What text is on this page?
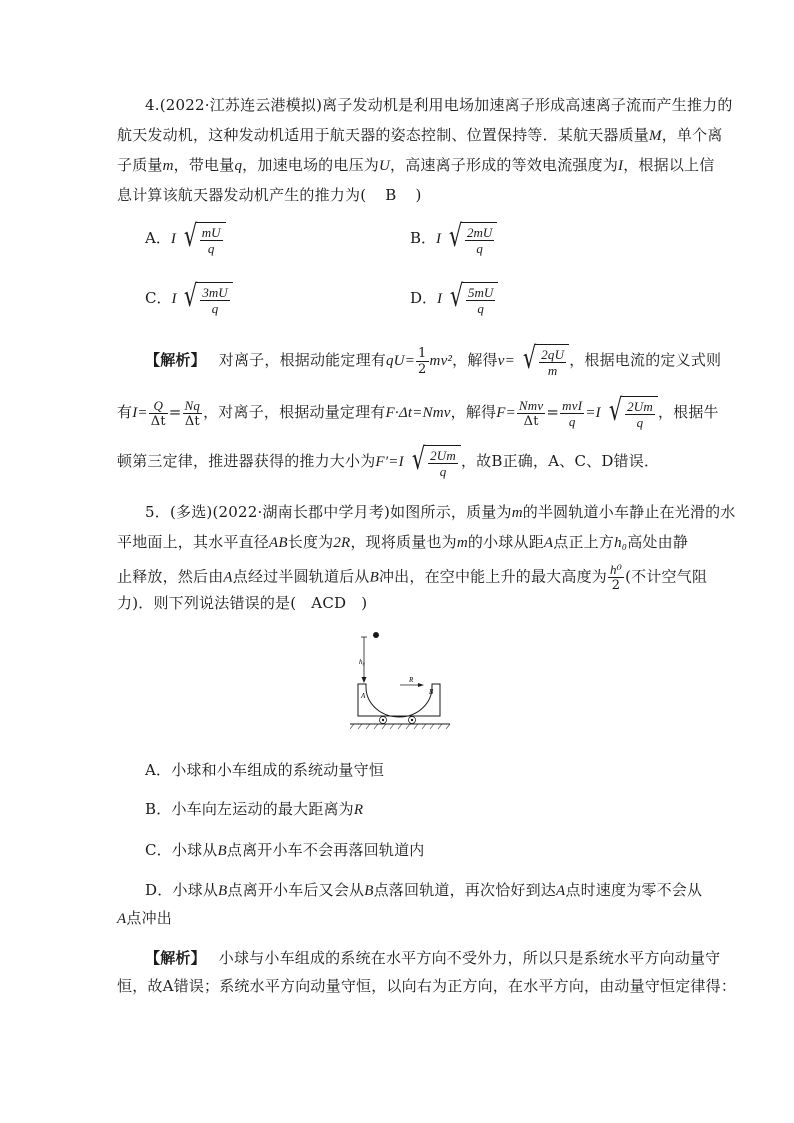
4.(2022·江苏连云港模拟)离子发动机是利用电场加速离子形成高速离子流而产生推力的
航天发动机，这种发动机适用于航天器的姿态控制、位置保持等．某航天器质量M，单个离
子质量m，带电量q，加速电场的电压为U，高速离子形成的等效电流强度为I，根据以上信
息计算该航天器发动机产生的推力为( B )
A．I √ $\frac{mU}{q}$	B．I √ $\frac{2mU}{q}$
C．I √ $\frac{3mU}{q}$	D．I √ $\frac{5mU}{q}$
【解析】 对离子，根据动能定理有$qU= \frac{1}{2} mv^2$，解得v= √ $\frac{2qU}{m}$ ，根据电流的定义式则
有$I= \frac{Q}{\Delta t} = \frac{Nq}{\Delta t}$ ，对离子，根据动量定理有F·Δt=Nmv，解得$F= \frac{\text{Nmv}}{\Delta t} = \frac{\text{mvI}}{q} =I$ √ $\frac{2Um}{q}$ ，根据牛
顿第三定律，推进器获得的推力大小为F′=I √ $\frac{2Um}{q}$ ，故B正确，A、C、D错误．
5．(多选)(2022·湖南长郡中学月考)如图所示，质量为m的半圆轨道小车静止在光滑的水
平地面上，其水平直径AB长度为2R，现将质量也为m的小球从距A点正上方h₀高处由静
止释放，然后由A点经过半圆轨道后从B冲出，在空中能上升的最大高度为 $\frac{\text{h⁰}}{2}$ (不计空气阻
力)．则下列说法错误的是( ACD )
h₀
A	B
R
A．小球和小车组成的系统动量守恒
B．小车向左运动的最大距离为R
C．小球从B点离开小车不会再落回轨道内
D．小球从B点离开小车后又会从B点落回轨道，再次恰好到达A点时速度为零不会从
A点冲出
【解析】 小球与小车组成的系统在水平方向不受外力，所以只是系统水平方向动量守
恒，故A错误；系统水平方向动量守恒，以向右为正方向，在水平方向，由动量守恒定律得：
